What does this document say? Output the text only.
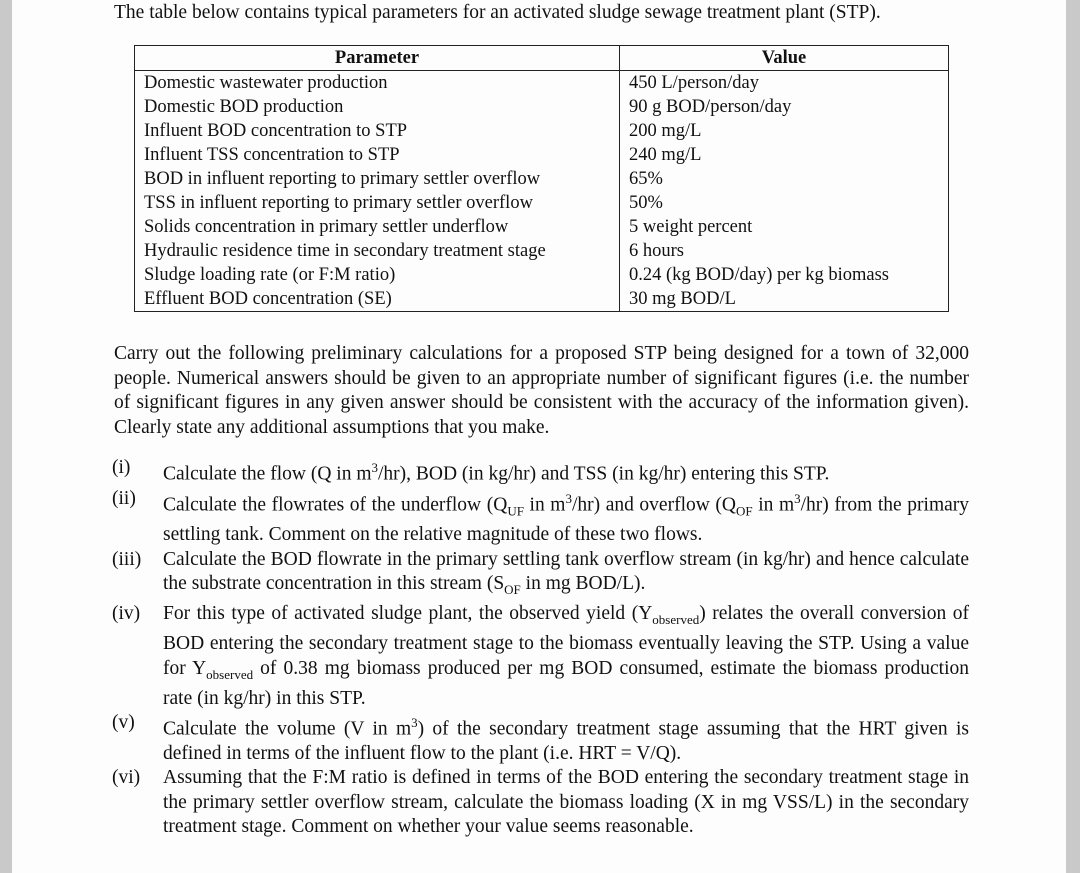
The table below contains typical parameters for an activated sludge sewage treatment plant (STP).
Parameter	Value
Domestic wastewater production	450 L/person/day
Domestic BOD production	90 g BOD/person/day
Influent BOD concentration to STP	200 mg/L
Influent TSS concentration to STP	240 mg/L
BOD in influent reporting to primary settler overflow	65%
TSS in influent reporting to primary settler overflow	50%
Solids concentration in primary settler underflow	5 weight percent
Hydraulic residence time in secondary treatment stage	6 hours
Sludge loading rate (or F:M ratio)	0.24 (kg BOD/day) per kg biomass
Effluent BOD concentration (SE)	30 mg BOD/L
Carry out the following preliminary calculations for a proposed STP being designed for a town of 32,000 people. Numerical answers should be given to an appropriate number of significant figures (i.e. the number of significant figures in any given answer should be consistent with the accuracy of the information given). Clearly state any additional assumptions that you make.
(i)	Calculate the flow (Q in $m^3/hr$), BOD (in kg/hr) and TSS (in kg/hr) entering this STP.
(ii)	Calculate the flowrates of the underflow ($Q_{UF}$ in $m^3/hr$) and overflow ($Q_{OF}$ in $m^3/hr$) from the primary settling tank. Comment on the relative magnitude of these two flows.
(iii)	Calculate the BOD flowrate in the primary settling tank overflow stream (in kg/hr) and hence calculate the substrate concentration in this stream ($S_{OF}$ in mg BOD/L).
(iv)	For this type of activated sludge plant, the observed yield $(Y_{observed})$ relates the overall conversion of BOD entering the secondary treatment stage to the biomass eventually leaving the STP. Using a value for $Y_{observed}$ of 0.38 mg biomass produced per mg BOD consumed, estimate the biomass production rate (in kg/hr) in this STP.
(v)	Calculate the volume (V in $m^3$) of the secondary treatment stage assuming that the HRT given is defined in terms of the influent flow to the plant (i.e. HRT = V/Q).
(vi)	Assuming that the F:M ratio is defined in terms of the BOD entering the secondary treatment stage in the primary settler overflow stream, calculate the biomass loading (X in mg VSS/L) in the secondary treatment stage. Comment on whether your value seems reasonable.
